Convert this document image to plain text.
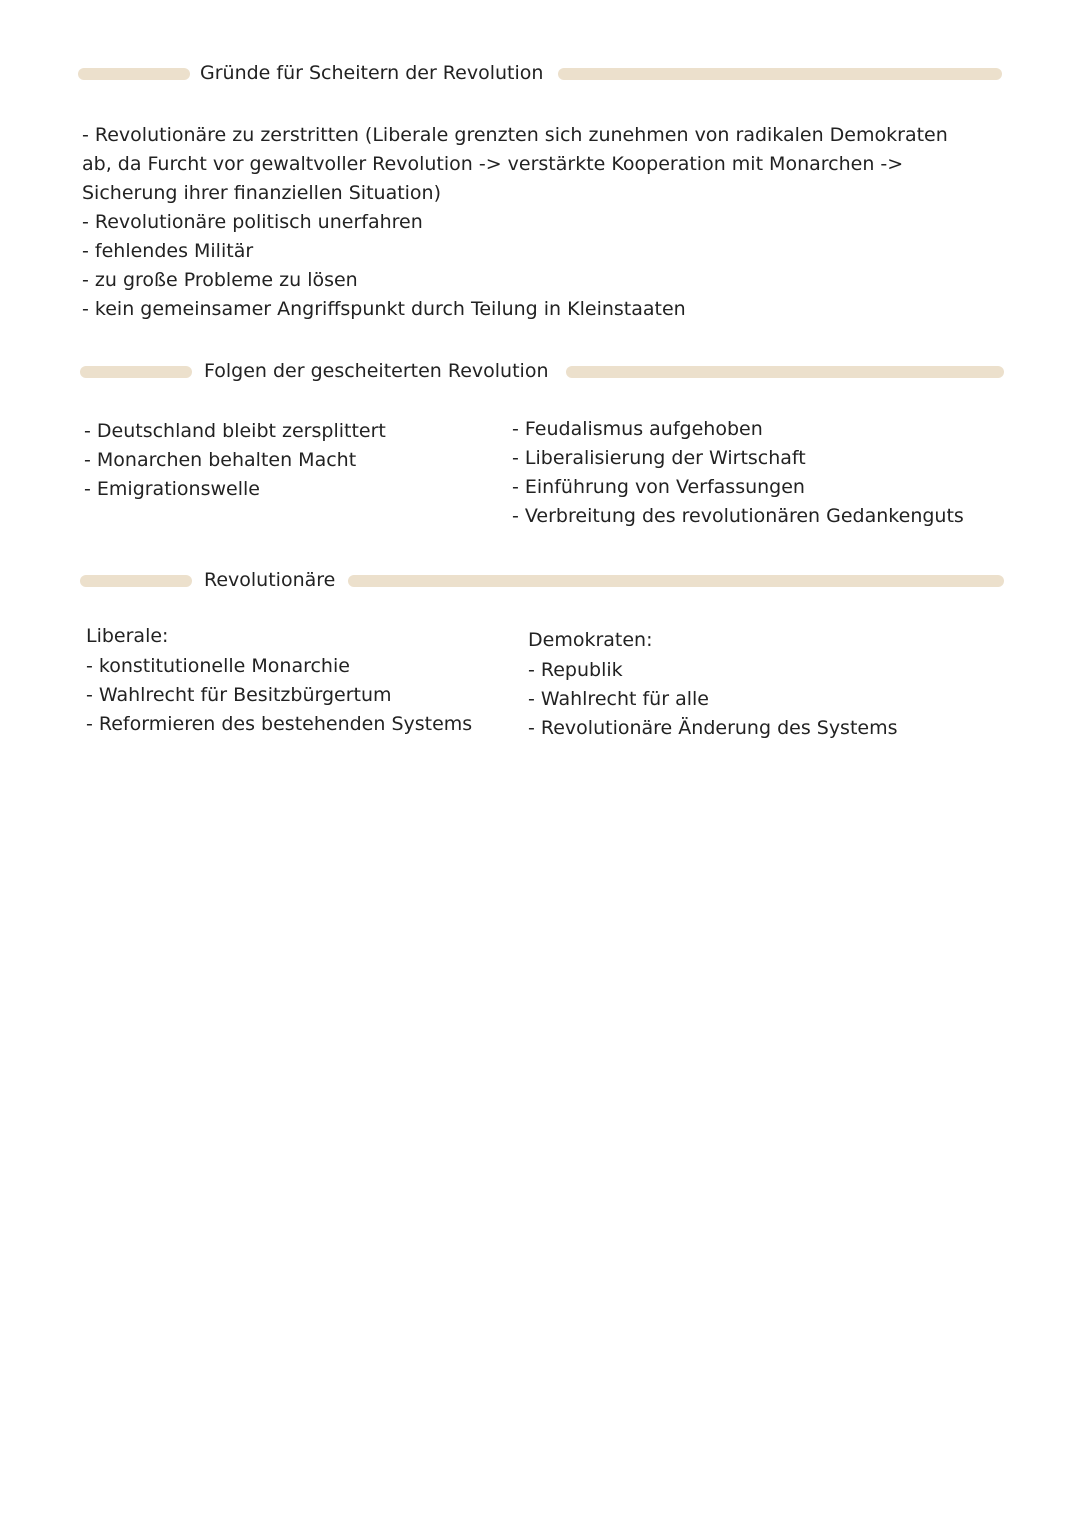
Gründe für Scheitern der Revolution
- Revolutionäre zu zerstritten (Liberale grenzten sich zunehmen von radikalen Demokraten
ab, da Furcht vor gewaltvoller Revolution -> verstärkte Kooperation mit Monarchen ->
Sicherung ihrer finanziellen Situation)
- Revolutionäre politisch unerfahren
- fehlendes Militär
- zu große Probleme zu lösen
- kein gemeinsamer Angriffspunkt durch Teilung in Kleinstaaten
Folgen der gescheiterten Revolution
- Deutschland bleibt zersplittert
- Monarchen behalten Macht
- Emigrationswelle
- Feudalismus aufgehoben
- Liberalisierung der Wirtschaft
- Einführung von Verfassungen
- Verbreitung des revolutionären Gedankenguts
Revolutionäre
Liberale:
- konstitutionelle Monarchie
- Wahlrecht für Besitzbürgertum
- Reformieren des bestehenden Systems
Demokraten:
- Republik
- Wahlrecht für alle
- Revolutionäre Änderung des Systems
